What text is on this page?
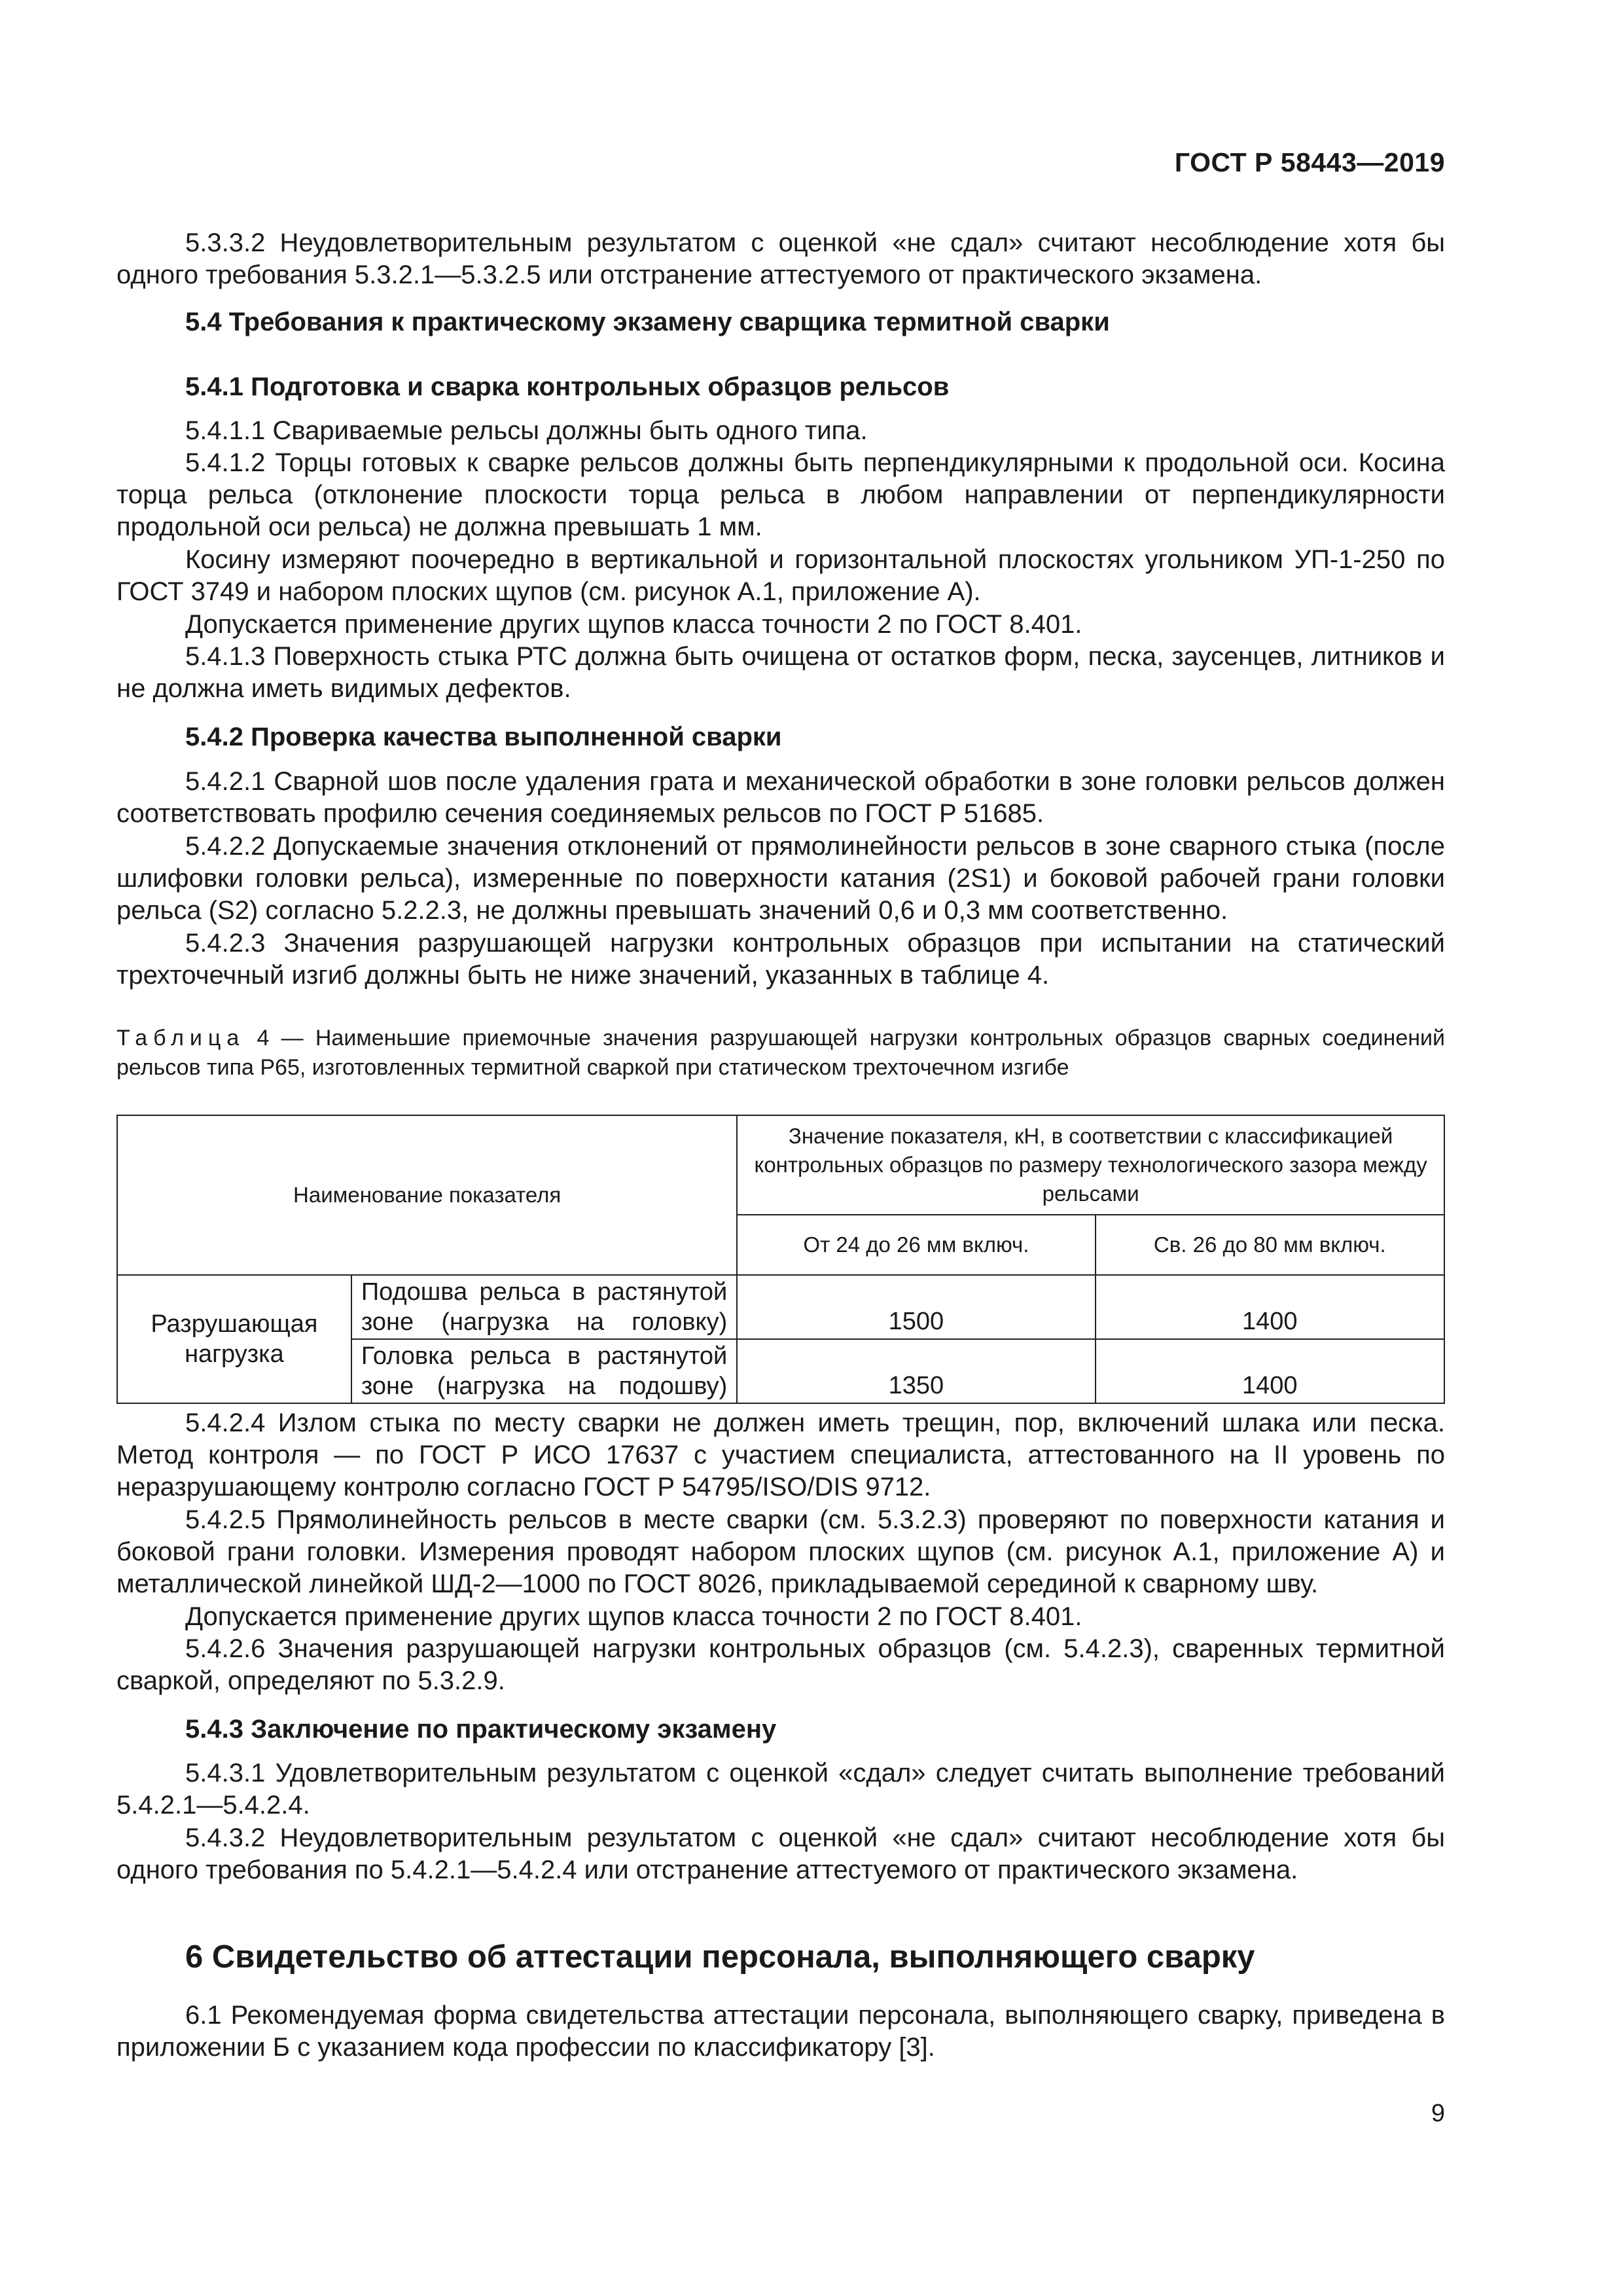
ГОСТ Р 58443—2019
5.3.3.2 Неудовлетворительным результатом с оценкой «не сдал» считают несоблюдение хотя бы одного требования 5.3.2.1—5.3.2.5 или отстранение аттестуемого от практического экзамена.
5.4 Требования к практическому экзамену сварщика термитной сварки
5.4.1 Подготовка и сварка контрольных образцов рельсов
5.4.1.1 Свариваемые рельсы должны быть одного типа.
5.4.1.2 Торцы готовых к сварке рельсов должны быть перпендикулярными к продольной оси. Косина торца рельса (отклонение плоскости торца рельса в любом направлении от перпендикулярности продольной оси рельса) не должна превышать 1 мм.
Косину измеряют поочередно в вертикальной и горизонтальной плоскостях угольником УП-1-250 по ГОСТ 3749 и набором плоских щупов (см. рисунок А.1, приложение А).
Допускается применение других щупов класса точности 2 по ГОСТ 8.401.
5.4.1.3 Поверхность стыка РТС должна быть очищена от остатков форм, песка, заусенцев, литников и не должна иметь видимых дефектов.
5.4.2 Проверка качества выполненной сварки
5.4.2.1 Сварной шов после удаления грата и механической обработки в зоне головки рельсов должен соответствовать профилю сечения соединяемых рельсов по ГОСТ Р 51685.
5.4.2.2 Допускаемые значения отклонений от прямолинейности рельсов в зоне сварного стыка (после шлифовки головки рельса), измеренные по поверхности катания (2S1) и боковой рабочей грани головки рельса (S2) согласно 5.2.2.3, не должны превышать значений 0,6 и 0,3 мм соответственно.
5.4.2.3 Значения разрушающей нагрузки контрольных образцов при испытании на статический трехточечный изгиб должны быть не ниже значений, указанных в таблице 4.
Таблица 4 — Наименьшие приемочные значения разрушающей нагрузки контрольных образцов сварных соединений рельсов типа Р65, изготовленных термитной сваркой при статическом трехточечном изгибе
Наименование показателя		Значение показателя, кН, в соответствии с классификацией контрольных образцов по размеру технологического зазора между рельсами	
		От 24 до 26 мм включ.	Св. 26 до 80 мм включ.
Разрушающая нагрузка	Подошва рельса в растянутой зоне (нагрузка на головку)	1500	1400
	Головка рельса в растянутой зоне (нагрузка на подошву)	1350	1400
5.4.2.4 Излом стыка по месту сварки не должен иметь трещин, пор, включений шлака или песка. Метод контроля — по ГОСТ Р ИСО 17637 с участием специалиста, аттестованного на II уровень по неразрушающему контролю согласно ГОСТ Р 54795/ISO/DIS 9712.
5.4.2.5 Прямолинейность рельсов в месте сварки (см. 5.3.2.3) проверяют по поверхности катания и боковой грани головки. Измерения проводят набором плоских щупов (см. рисунок А.1, приложение А) и металлической линейкой ШД-2—1000 по ГОСТ 8026, прикладываемой серединой к сварному шву.
Допускается применение других щупов класса точности 2 по ГОСТ 8.401.
5.4.2.6 Значения разрушающей нагрузки контрольных образцов (см. 5.4.2.3), сваренных термитной сваркой, определяют по 5.3.2.9.
5.4.3 Заключение по практическому экзамену
5.4.3.1 Удовлетворительным результатом с оценкой «сдал» следует считать выполнение требований 5.4.2.1—5.4.2.4.
5.4.3.2 Неудовлетворительным результатом с оценкой «не сдал» считают несоблюдение хотя бы одного требования по 5.4.2.1—5.4.2.4 или отстранение аттестуемого от практического экзамена.
6 Свидетельство об аттестации персонала, выполняющего сварку
6.1 Рекомендуемая форма свидетельства аттестации персонала, выполняющего сварку, приведена в приложении Б с указанием кода профессии по классификатору [3].
9
